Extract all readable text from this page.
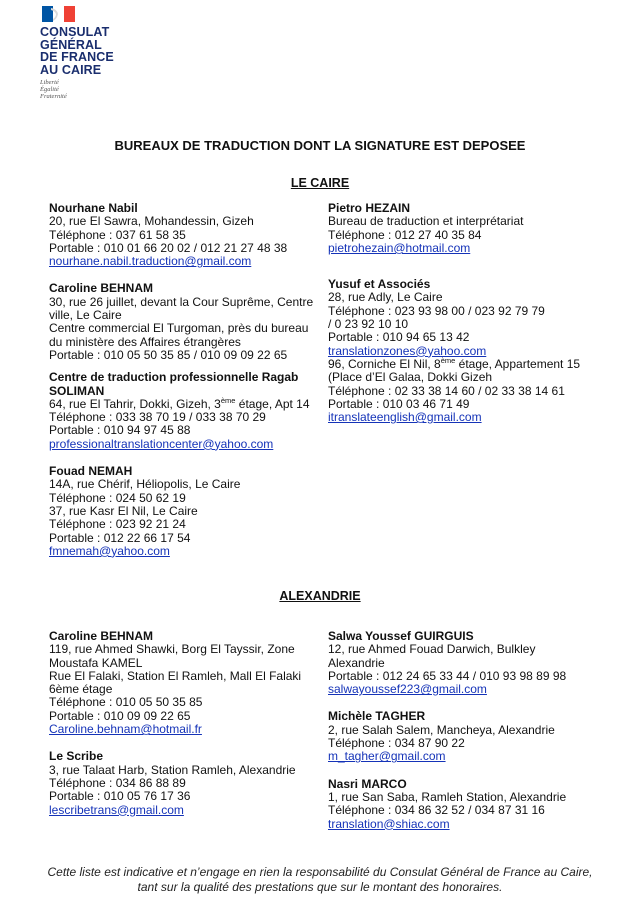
CONSULAT
GÉNÉRAL
DE FRANCE
AU CAIRE
Liberté
Égalité
Fraternité
BUREAUX DE TRADUCTION DONT LA SIGNATURE EST DEPOSEE
LE CAIRE
Nourhane Nabil
20, rue El Sawra, Mohandessin, Gizeh
Téléphone : 037 61 58 35
Portable : 010 01 66 20 02 / 012 21 27 48 38
nourhane.nabil.traduction@gmail.com
Caroline BEHNAM
30, rue 26 juillet, devant la Cour Suprême, Centre
ville, Le Caire
Centre commercial El Turgoman, près du bureau
du ministère des Affaires étrangères
Portable : 010 05 50 35 85 / 010 09 09 22 65
Centre de traduction professionnelle Ragab
SOLIMAN
64, rue El Tahrir, Dokki, Gizeh, 3ème étage, Apt 14
Téléphone : 033 38 70 19 / 033 38 70 29
Portable : 010 94 97 45 88
professionaltranslationcenter@yahoo.com
Fouad NEMAH
14A, rue Chérif, Héliopolis, Le Caire
Téléphone : 024 50 62 19
37, rue Kasr El Nil, Le Caire
Téléphone : 023 92 21 24
Portable : 012 22 66 17 54
fmnemah@yahoo.com
Pietro HEZAIN
Bureau de traduction et interprétariat
Téléphone : 012 27 40 35 84
pietrohezain@hotmail.com
Yusuf et Associés
28, rue Adly, Le Caire
Téléphone : 023 93 98 00 / 023 92 79 79
/ 0 23 92 10 10
Portable : 010 94 65 13 42
translationzones@yahoo.com
96, Corniche El Nil, 8ème étage, Appartement 15
(Place d’El Galaa, Dokki Gizeh
Téléphone : 02 33 38 14 60 / 02 33 38 14 61
Portable : 010 03 46 71 49
itranslateenglish@gmail.com
ALEXANDRIE
Caroline BEHNAM
119, rue Ahmed Shawki, Borg El Tayssir, Zone
Moustafa KAMEL
Rue El Falaki, Station El Ramleh, Mall El Falaki
6ème étage
Téléphone : 010 05 50 35 85
Portable : 010 09 09 22 65
Caroline.behnam@hotmail.fr
Le Scribe
3, rue Talaat Harb, Station Ramleh, Alexandrie
Téléphone : 034 86 88 89
Portable : 010 05 76 17 36
lescribetrans@gmail.com
Salwa Youssef GUIRGUIS
12, rue Ahmed Fouad Darwich, Bulkley
Alexandrie
Portable : 012 24 65 33 44 / 010 93 98 89 98
salwayoussef223@gmail.com
Michèle TAGHER
2, rue Salah Salem, Mancheya, Alexandrie
Téléphone : 034 87 90 22
m_tagher@gmail.com
Nasri MARCO
1, rue San Saba, Ramleh Station, Alexandrie
Téléphone : 034 86 32 52 / 034 87 31 16
translation@shiac.com
Cette liste est indicative et n’engage en rien la responsabilité du Consulat Général de France au Caire, tant sur la qualité des prestations que sur le montant des honoraires.
